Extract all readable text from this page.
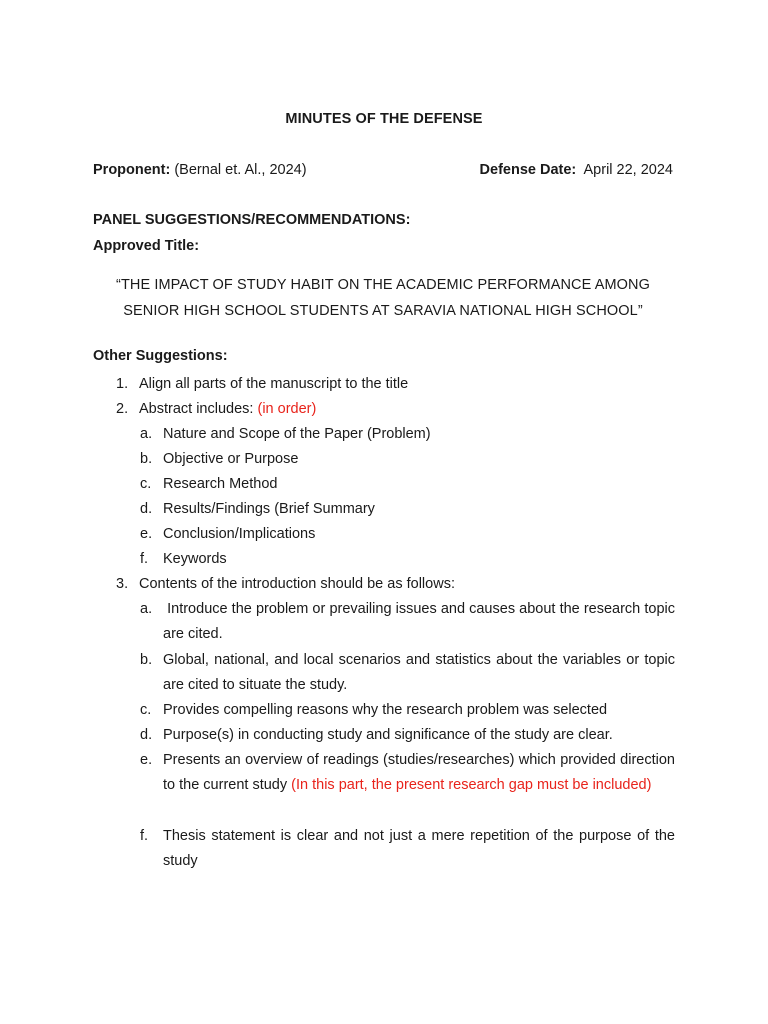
MINUTES OF THE DEFENSE
Proponent: (Bernal et. Al., 2024)	Defense Date:  April 22, 2024
PANEL SUGGESTIONS/RECOMMENDATIONS:
Approved Title:
“THE IMPACT OF STUDY HABIT ON THE ACADEMIC PERFORMANCE AMONG
SENIOR HIGH SCHOOL STUDENTS AT SARAVIA NATIONAL HIGH SCHOOL”
Other Suggestions:
1. Align all parts of the manuscript to the title
2. Abstract includes: (in order)
a. Nature and Scope of the Paper (Problem)
b. Objective or Purpose
c. Research Method
d. Results/Findings (Brief Summary
e. Conclusion/Implications
f. Keywords
3. Contents of the introduction should be as follows:
a. Introduce the problem or prevailing issues and causes about the research topic are cited.
b. Global, national, and local scenarios and statistics about the variables or topic are cited to situate the study.
c. Provides compelling reasons why the research problem was selected
d. Purpose(s) in conducting study and significance of the study are clear.
e. Presents an overview of readings (studies/researches) which provided direction to the current study (In this part, the present research gap must be included)
f. Thesis statement is clear and not just a mere repetition of the purpose of the study
